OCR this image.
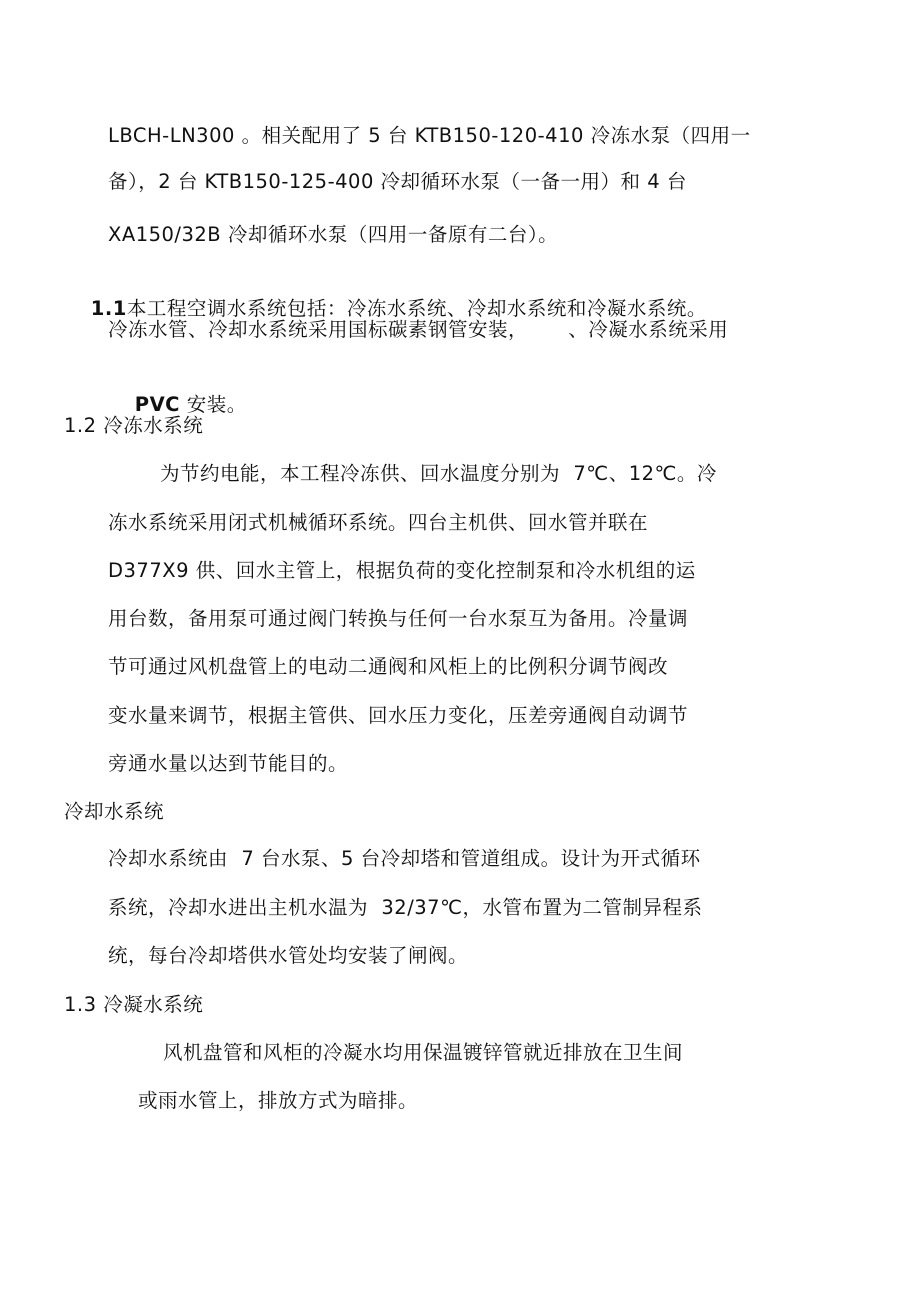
LBCH-LN300 。相关配用了 5 台 KTB150-120-410 冷冻水泵（四用一
备），2 台 KTB150-125-400 冷却循环水泵（一备一用）和 4 台
XA150/32B 冷却循环水泵（四用一备原有二台）。

1.1本工程空调水系统包括：冷冻水系统、冷却水系统和冷凝水系统。

冷冻水管、冷却水系统采用国标碳素钢管安装，      、冷凝水系统采用

PVC 安装。

1.2 冷冻水系统
为节约电能，本工程冷冻供、回水温度分别为  7℃、12℃。冷
冻水系统采用闭式机械循环系统。四台主机供、回水管并联在
D377X9 供、回水主管上，根据负荷的变化控制泵和冷水机组的运
用台数，备用泵可通过阀门转换与任何一台水泵互为备用。冷量调
节可通过风机盘管上的电动二通阀和风柜上的比例积分调节阀改
变水量来调节，根据主管供、回水压力变化，压差旁通阀自动调节
旁通水量以达到节能目的。
冷却水系统
冷却水系统由  7 台水泵、5 台冷却塔和管道组成。设计为开式循环
系统，冷却水进出主机水温为  32/37℃，水管布置为二管制异程系
统，每台冷却塔供水管处均安装了闸阀。
1.3 冷凝水系统
风机盘管和风柜的冷凝水均用保温镀锌管就近排放在卫生间
或雨水管上，排放方式为暗排。
